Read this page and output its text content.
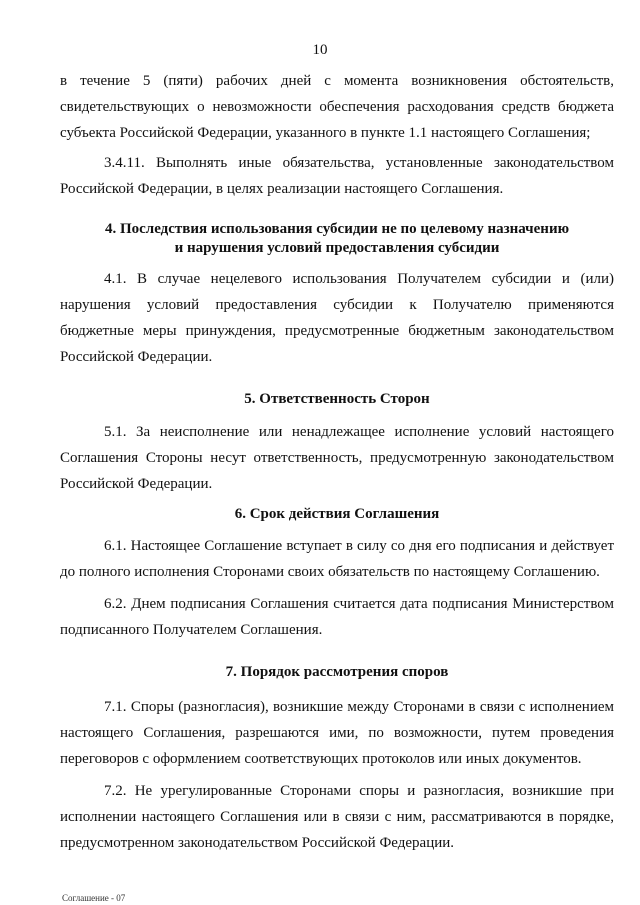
10

в течение 5 (пяти) рабочих дней с момента возникновения обстоятельств, свидетельствующих о невозможности обеспечения расходования средств бюджета субъекта Российской Федерации, указанного в пункте 1.1 настоящего Соглашения;

3.4.11. Выполнять иные обязательства, установленные законодательством Российской Федерации, в целях реализации настоящего Соглашения.

4. Последствия использования субсидии не по целевому назначению

и нарушения условий предоставления субсидии

4.1. В случае нецелевого использования Получателем субсидии и (или) нарушения условий предоставления субсидии к Получателю применяются бюджетные меры принуждения, предусмотренные бюджетным законодательством Российской Федерации.

5. Ответственность Сторон

5.1. За неисполнение или ненадлежащее исполнение условий настоящего Соглашения Стороны несут ответственность, предусмотренную законодательством Российской Федерации.

6. Срок действия Соглашения

6.1. Настоящее Соглашение вступает в силу со дня его подписания и действует до полного исполнения Сторонами своих обязательств по настоящему Соглашению.

6.2. Днем подписания Соглашения считается дата подписания Министерством подписанного Получателем Соглашения.

7. Порядок рассмотрения споров

7.1. Споры (разногласия), возникшие между Сторонами в связи с исполнением настоящего Соглашения, разрешаются ими, по возможности, путем проведения переговоров с оформлением соответствующих протоколов или иных документов.

7.2. Не урегулированные Сторонами споры и разногласия, возникшие при исполнении настоящего Соглашения или в связи с ним, рассматриваются в порядке, предусмотренном законодательством Российской Федерации.

Соглашение - 07
